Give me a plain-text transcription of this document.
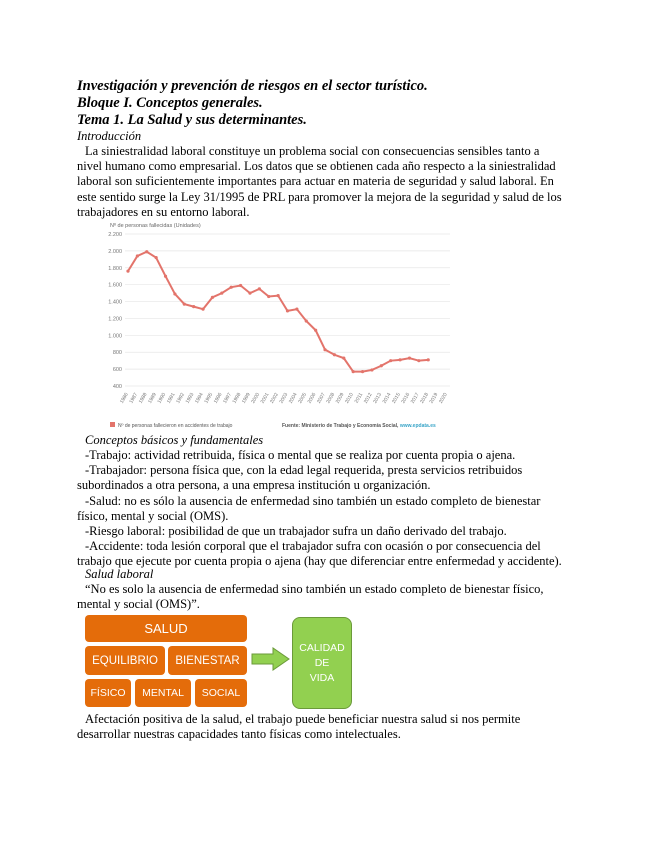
Investigación y prevención de riesgos en el sector turístico.
Bloque I. Conceptos generales.
Tema 1. La Salud y sus determinantes.
Introducción
La siniestralidad laboral constituye un problema social con consecuencias sensibles tanto a
nivel humano como empresarial. Los datos que se obtienen cada año respecto a la siniestralidad
laboral son suficientemente importantes para actuar en materia de seguridad y salud laboral. En
este sentido surge la Ley 31/1995 de PRL para promover la mejora de la seguridad y salud de los
trabajadores en su entorno laboral.
Nº de personas fallecidas (Unidades)
2.200
2.000
1.800
1.600
1.400
1.200
1.000
800
600
400
1986
1987
1988
1989
1990
1991
1992
1993
1994
1995
1996
1997
1998
1999
2000
2001
2002
2003
2004
2005
2006
2007
2008
2009
2010
2011
2012
2013
2014
2015
2016
2017
2018
2019
2020
Nº de personas fallecieron en accidentes de trabajo	Fuente: Ministerio de Trabajo y Economía Social, www.epdata.es
Conceptos básicos y fundamentales
-Trabajo: actividad retribuida, física o mental que se realiza por cuenta propia o ajena.
-Trabajador: persona física que, con la edad legal requerida, presta servicios retribuidos
subordinados a otra persona, a una empresa institución u organización.
-Salud: no es sólo la ausencia de enfermedad sino también un estado completo de bienestar
físico, mental y social (OMS).
-Riesgo laboral: posibilidad de que un trabajador sufra un daño derivado del trabajo.
-Accidente: toda lesión corporal que el trabajador sufra con ocasión o por consecuencia del
trabajo que ejecute por cuenta propia o ajena (hay que diferenciar entre enfermedad y accidente).
Salud laboral
“No es solo la ausencia de enfermedad sino también un estado completo de bienestar físico,
mental y social (OMS)”.
SALUD
EQUILIBRIO	BIENESTAR
FÍSICO	MENTAL	SOCIAL
CALIDAD
DE
VIDA
Afectación positiva de la salud, el trabajo puede beneficiar nuestra salud si nos permite
desarrollar nuestras capacidades tanto físicas como intelectuales.
